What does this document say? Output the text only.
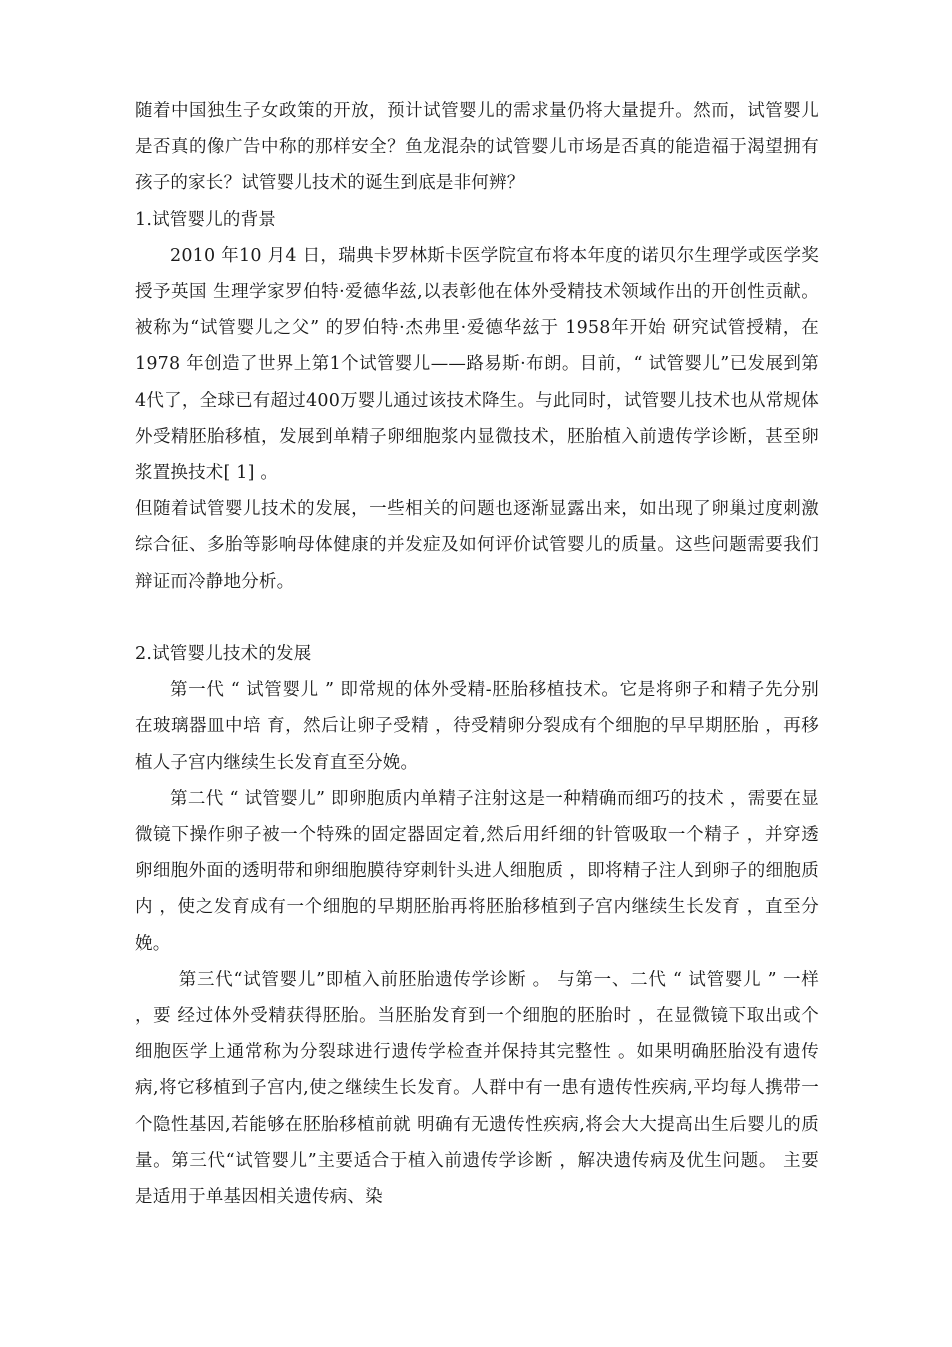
随着中国独生子女政策的开放，预计试管婴儿的需求量仍将大量提升。然而，试管婴儿是否真的像广告中称的那样安全？鱼龙混杂的试管婴儿市场是否真的能造福于渴望拥有孩子的家长？试管婴儿技术的诞生到底是非何辨？

1.试管婴儿的背景

2010 年10 月4 日，瑞典卡罗林斯卡医学院宣布将本年度的诺贝尔生理学或医学奖授予英国 生理学家罗伯特·爱德华兹,以表彰他在体外受精技术领域作出的开创性贡献。被称为“试管婴儿之父” 的罗伯特·杰弗里·爱德华兹于 1958年开始 研究试管授精，在 1978 年创造了世界上第1个试管婴儿——路易斯·布朗。目前，“ 试管婴儿”已发展到第4代了，全球已有超过400万婴儿通过该技术降生。与此同时，试管婴儿技术也从常规体外受精胚胎移植，发展到单精子卵细胞浆内显微技术，胚胎植入前遗传学诊断，甚至卵浆置换技术[ 1] 。

但随着试管婴儿技术的发展，一些相关的问题也逐渐显露出来，如出现了卵巢过度刺激综合征、多胎等影响母体健康的并发症及如何评价试管婴儿的质量。这些问题需要我们辩证而冷静地分析。

2.试管婴儿技术的发展

第一代 “ 试管婴儿 ” 即常规的体外受精-胚胎移植技术。它是将卵子和精子先分别在玻璃器皿中培 育，然后让卵子受精 ，待受精卵分裂成有个细胞的早早期胚胎 ，再移植人子宫内继续生长发育直至分娩。

第二代 “ 试管婴儿” 即卵胞质内单精子注射这是一种精确而细巧的技术 ，需要在显微镜下操作卵子被一个特殊的固定器固定着,然后用纤细的针管吸取一个精子 ，并穿透卵细胞外面的透明带和卵细胞膜待穿刺针头进人细胞质 ，即将精子注人到卵子的细胞质内 ，使之发育成有一个细胞的早期胚胎再将胚胎移植到子宫内继续生长发育 ，直至分娩。

第三代“试管婴儿”即植入前胚胎遗传学诊断 。 与第一、二代 “ 试管婴儿 ” 一样 ，要 经过体外受精获得胚胎。当胚胎发育到一个细胞的胚胎时 ，在显微镜下取出或个细胞医学上通常称为分裂球进行遗传学检查并保持其完整性 。如果明确胚胎没有遗传病,将它移植到子宫内,使之继续生长发育。人群中有一患有遗传性疾病,平均每人携带一个隐性基因,若能够在胚胎移植前就 明确有无遗传性疾病,将会大大提高出生后婴儿的质量。第三代“试管婴儿”主要适合于植入前遗传学诊断 ，解决遗传病及优生问题。 主要是适用于单基因相关遗传病、染
